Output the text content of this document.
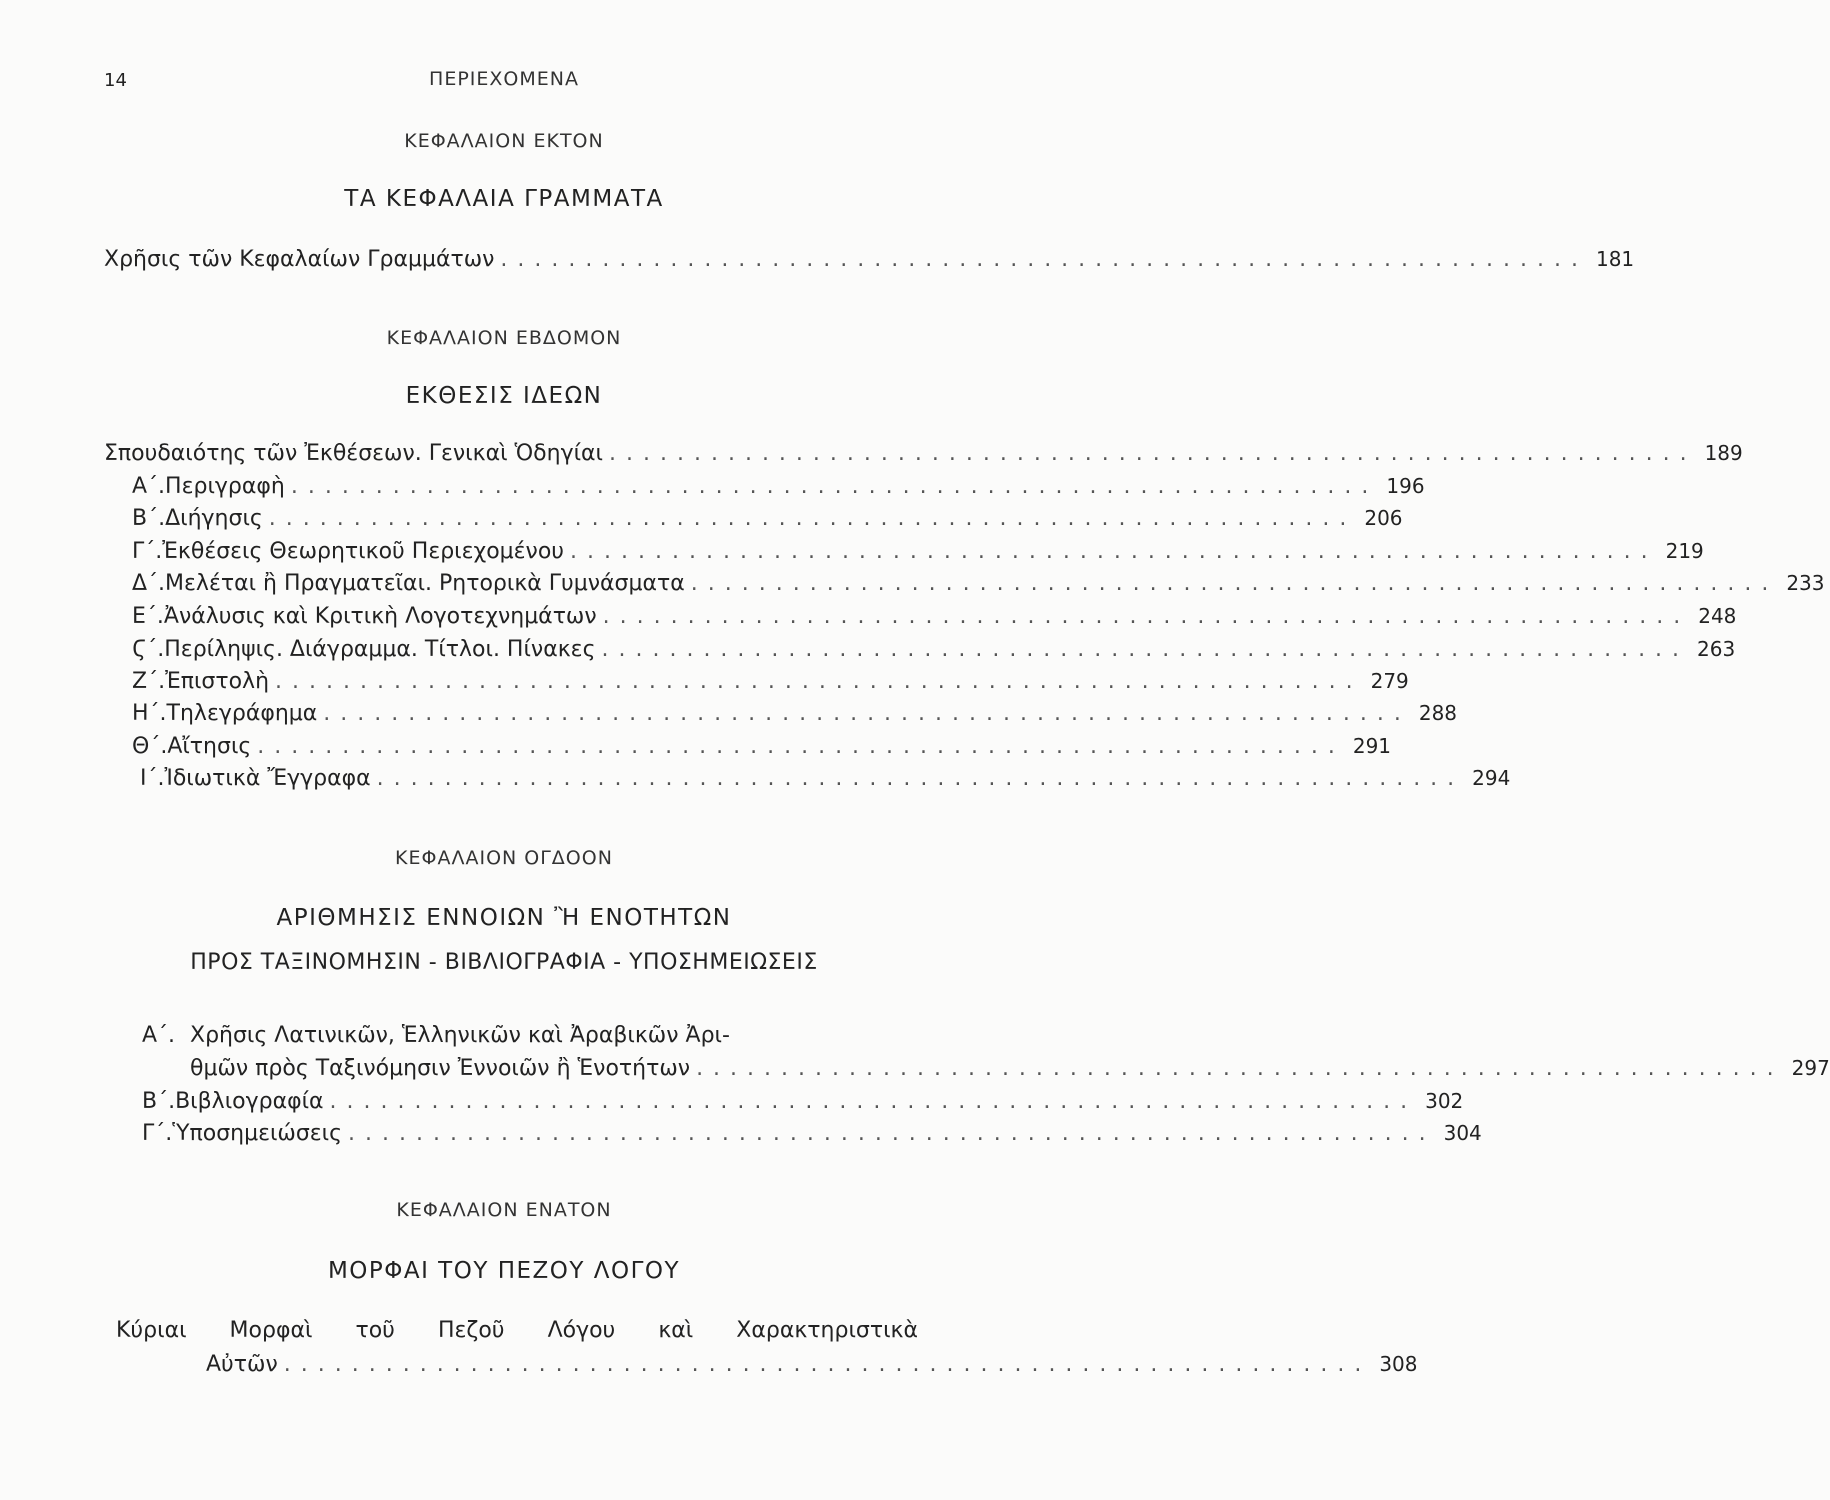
14	ΠΕΡΙΕΧΟΜΕΝΑ
ΚΕΦΑΛΑΙΟΝ ΕΚΤΟΝ
ΤΑ ΚΕΦΑΛΑΙΑ ΓΡΑΜΜΑΤΑ
Χρῆσις τῶν Κεφαλαίων Γραμμάτων ................................................................ 181
ΚΕΦΑΛΑΙΟΝ ΕΒΔΟΜΟΝ
ΕΚΘΕΣΙΣ ΙΔΕΩΝ
Σπουδαιότης τῶν Ἐκθέσεων. Γενικαὶ Ὁδηγίαι ................................................................ 189
Α΄. Περιγραφὴ ................................................................ 196
Β΄. Διήγησις ................................................................ 206
Γ΄. Ἐκθέσεις Θεωρητικοῦ Περιεχομένου ................................................................ 219
Δ΄. Μελέται ἢ Πραγματεῖαι. Ρητορικὰ Γυμνάσματα ................................................................ 233
Ε΄. Ἀνάλυσις καὶ Κριτικὴ Λογοτεχνημάτων ................................................................ 248
Ϛ΄. Περίληψις. Διάγραμμα. Τίτλοι. Πίνακες ................................................................ 263
Ζ΄. Ἐπιστολὴ ................................................................ 279
Η΄. Τηλεγράφημα ................................................................ 288
Θ΄. Αἴτησις ................................................................ 291
Ι΄. Ἰδιωτικὰ Ἔγγραφα ................................................................ 294
ΚΕΦΑΛΑΙΟΝ ΟΓΔΟΟΝ
ΑΡΙΘΜΗΣΙΣ ΕΝΝΟΙΩΝ Ἢ ΕΝΟΤΗΤΩΝ
ΠΡΟΣ ΤΑΞΙΝΟΜΗΣΙΝ - ΒΙΒΛΙΟΓΡΑΦΙΑ - ΥΠΟΣΗΜΕΙΩΣΕΙΣ
Α΄. Χρῆσις Λατινικῶν, Ἑλληνικῶν καὶ Ἀραβικῶν Ἀρι-
θμῶν πρὸς Ταξινόμησιν Ἐννοιῶν ἢ Ἑνοτήτων ................................................................ 297
Β΄. Βιβλιογραφία ................................................................ 302
Γ΄. Ὑποσημειώσεις ................................................................ 304
ΚΕΦΑΛΑΙΟΝ ΕΝΑΤΟΝ
ΜΟΡΦΑΙ ΤΟΥ ΠΕΖΟΥ ΛΟΓΟΥ
Κύριαι Μορφαὶ τοῦ Πεζοῦ Λόγου καὶ Χαρακτηριστικὰ
Αὐτῶν ................................................................ 308
